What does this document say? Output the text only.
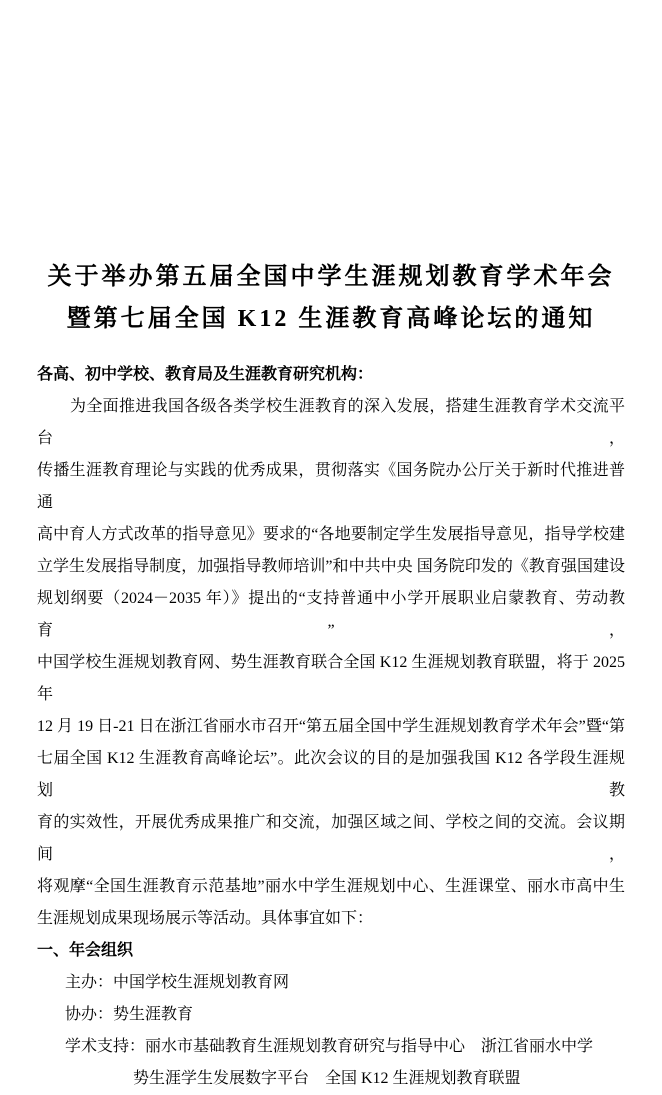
关于举办第五届全国中学生涯规划教育学术年会
暨第七届全国 K12 生涯教育高峰论坛的通知

各高、初中学校、教育局及生涯教育研究机构：

为全面推进我国各级各类学校生涯教育的深入发展，搭建生涯教育学术交流平台，
传播生涯教育理论与实践的优秀成果，贯彻落实《国务院办公厅关于新时代推进普通
高中育人方式改革的指导意见》要求的“各地要制定学生发展指导意见，指导学校建
立学生发展指导制度，加强指导教师培训”和中共中央 国务院印发的《教育强国建设
规划纲要（2024－2035 年）》提出的“支持普通中小学开展职业启蒙教育、劳动教育”，
中国学校生涯规划教育网、势生涯教育联合全国 K12 生涯规划教育联盟，将于 2025 年
12 月 19 日-21 日在浙江省丽水市召开“第五届全国中学生涯规划教育学术年会”暨“第
七届全国 K12 生涯教育高峰论坛”。此次会议的目的是加强我国 K12 各学段生涯规划教
育的实效性，开展优秀成果推广和交流，加强区域之间、学校之间的交流。会议期间，
将观摩“全国生涯教育示范基地”丽水中学生涯规划中心、生涯课堂、丽水市高中生
生涯规划成果现场展示等活动。具体事宜如下：
一、年会组织
主办：中国学校生涯规划教育网
协办：势生涯教育
学术支持：丽水市基础教育生涯规划教育研究与指导中心　浙江省丽水中学
势生涯学生发展数字平台　全国 K12 生涯规划教育联盟
